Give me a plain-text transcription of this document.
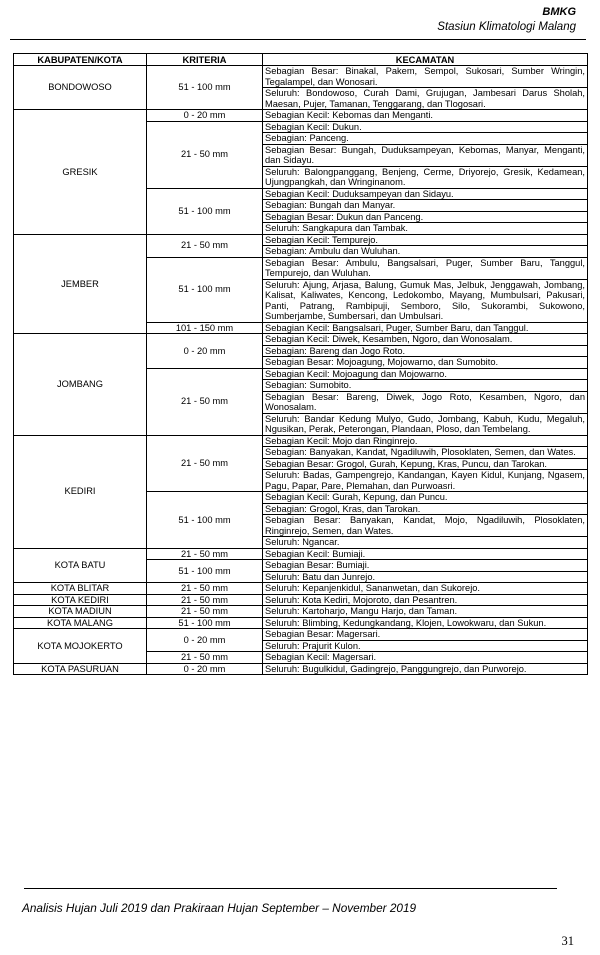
BMKG
Stasiun Klimatologi Malang
KABUPATEN/KOTA	KRITERIA	KECAMATAN
BONDOWOSO	51 - 100 mm	Sebagian Besar: Binakal, Pakem, Sempol, Sukosari, Sumber Wringin, Tegalampel, dan Wonosari.
		Seluruh: Bondowoso, Curah Dami, Grujugan, Jambesari Darus Sholah, Maesan, Pujer, Tamanan, Tenggarang, dan Tlogosari.
GRESIK	0 - 20 mm	Sebagian Kecil: Kebomas dan Menganti.
	21 - 50 mm	Sebagian Kecil: Dukun.
		Sebagian: Panceng.
		Sebagian Besar: Bungah, Duduksampeyan, Kebomas, Manyar, Menganti, dan Sidayu.
		Seluruh: Balongpanggang, Benjeng, Cerme, Driyorejo, Gresik, Kedamean, Ujungpangkah, dan Wringinanom.
	51 - 100 mm	Sebagian Kecil: Duduksampeyan dan Sidayu.
		Sebagian: Bungah dan Manyar.
		Sebagian Besar: Dukun dan Panceng.
		Seluruh: Sangkapura dan Tambak.
JEMBER	21 - 50 mm	Sebagian Kecil: Tempurejo.
		Sebagian: Ambulu dan Wuluhan.
	51 - 100 mm	Sebagian Besar: Ambulu, Bangsalsari, Puger, Sumber Baru, Tanggul, Tempurejo, dan Wuluhan.
		Seluruh: Ajung, Arjasa, Balung, Gumuk Mas, Jelbuk, Jenggawah, Jombang, Kalisat, Kaliwates, Kencong, Ledokombo, Mayang, Mumbulsari, Pakusari, Panti, Patrang, Rambipuji, Semboro, Silo, Sukorambi, Sukowono, Sumberjambe, Sumbersari, dan Umbulsari.
	101 - 150 mm	Sebagian Kecil: Bangsalsari, Puger, Sumber Baru, dan Tanggul.
JOMBANG	0 - 20 mm	Sebagian Kecil: Diwek, Kesamben, Ngoro, dan Wonosalam.
		Sebagian: Bareng dan Jogo Roto.
		Sebagian Besar: Mojoagung, Mojowarno, dan Sumobito.
	21 - 50 mm	Sebagian Kecil: Mojoagung dan Mojowarno.
		Sebagian: Sumobito.
		Sebagian Besar: Bareng, Diwek, Jogo Roto, Kesamben, Ngoro, dan Wonosalam.
		Seluruh: Bandar Kedung Mulyo, Gudo, Jombang, Kabuh, Kudu, Megaluh, Ngusikan, Perak, Peterongan, Plandaan, Ploso, dan Tembelang.
KEDIRI	21 - 50 mm	Sebagian Kecil: Mojo dan Ringinrejo.
		Sebagian: Banyakan, Kandat, Ngadiluwih, Plosoklaten, Semen, dan Wates.
		Sebagian Besar: Grogol, Gurah, Kepung, Kras, Puncu, dan Tarokan.
		Seluruh: Badas, Gampengrejo, Kandangan, Kayen Kidul, Kunjang, Ngasem, Pagu, Papar, Pare, Plemahan, dan Purwoasri.
	51 - 100 mm	Sebagian Kecil: Gurah, Kepung, dan Puncu.
		Sebagian: Grogol, Kras, dan Tarokan.
		Sebagian Besar: Banyakan, Kandat, Mojo, Ngadiluwih, Plosoklaten, Ringinrejo, Semen, dan Wates.
		Seluruh: Ngancar.
KOTA BATU	21 - 50 mm	Sebagian Kecil: Bumiaji.
	51 - 100 mm	Sebagian Besar: Bumiaji.
		Seluruh: Batu dan Junrejo.
KOTA BLITAR	21 - 50 mm	Seluruh: Kepanjenkidul, Sananwetan, dan Sukorejo.
KOTA KEDIRI	21 - 50 mm	Seluruh: Kota Kediri, Mojoroto, dan Pesantren.
KOTA MADIUN	21 - 50 mm	Seluruh: Kartoharjo, Mangu Harjo, dan Taman.
KOTA MALANG	51 - 100 mm	Seluruh: Blimbing, Kedungkandang, Klojen, Lowokwaru, dan Sukun.
KOTA MOJOKERTO	0 - 20 mm	Sebagian Besar: Magersari.
		Seluruh: Prajurit Kulon.
	21 - 50 mm	Sebagian Kecil: Magersari.
KOTA PASURUAN	0 - 20 mm	Seluruh: Bugulkidul, Gadingrejo, Panggungrejo, dan Purworejo.
Analisis Hujan Juli 2019 dan Prakiraan Hujan September – November 2019
31
